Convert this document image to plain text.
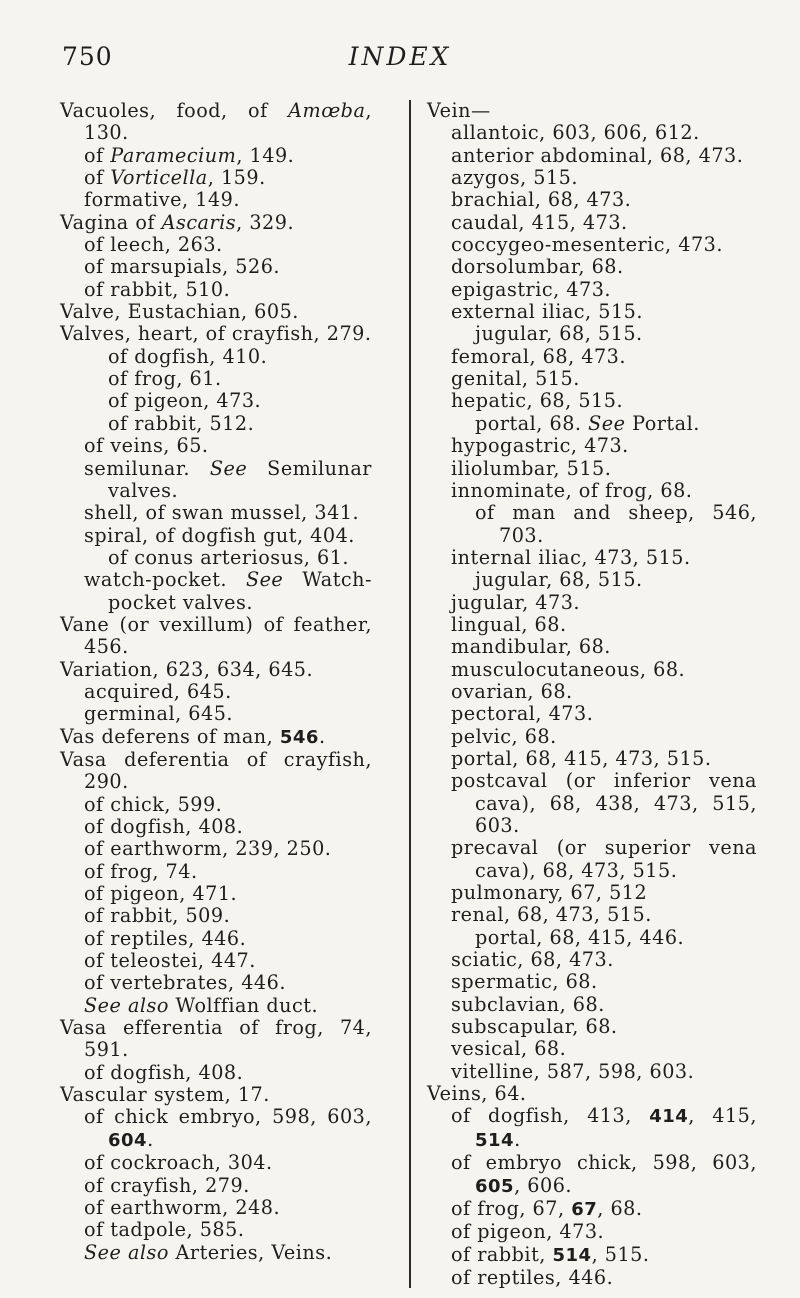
750	INDEX
Vacuoles, food, of Amœba, 130.
of Paramecium, 149.
of Vorticella, 159.
formative, 149.
Vagina of Ascaris, 329.
of leech, 263.
of marsupials, 526.
of rabbit, 510.
Valve, Eustachian, 605.
Valves, heart, of crayfish, 279.
of dogfish, 410.
of frog, 61.
of pigeon, 473.
of rabbit, 512.
of veins, 65.
semilunar. See Semilunar valves.
shell, of swan mussel, 341.
spiral, of dogfish gut, 404.
of conus arteriosus, 61.
watch-pocket. See Watch-pocket valves.
Vane (or vexillum) of feather, 456.
Variation, 623, 634, 645.
acquired, 645.
germinal, 645.
Vas deferens of man, 546.
Vasa deferentia of crayfish, 290.
of chick, 599.
of dogfish, 408.
of earthworm, 239, 250.
of frog, 74.
of pigeon, 471.
of rabbit, 509.
of reptiles, 446.
of teleostei, 447.
of vertebrates, 446.
See also Wolffian duct.
Vasa efferentia of frog, 74, 591.
of dogfish, 408.
Vascular system, 17.
of chick embryo, 598, 603, 604.
of cockroach, 304.
of crayfish, 279.
of earthworm, 248.
of tadpole, 585.
See also Arteries, Veins.
Vein—
allantoic, 603, 606, 612.
anterior abdominal, 68, 473.
azygos, 515.
brachial, 68, 473.
caudal, 415, 473.
coccygeo-mesenteric, 473.
dorsolumbar, 68.
epigastric, 473.
external iliac, 515.
jugular, 68, 515.
femoral, 68, 473.
genital, 515.
hepatic, 68, 515.
portal, 68. See Portal.
hypogastric, 473.
iliolumbar, 515.
innominate, of frog, 68.
of man and sheep, 546, 703.
internal iliac, 473, 515.
jugular, 68, 515.
jugular, 473.
lingual, 68.
mandibular, 68.
musculocutaneous, 68.
ovarian, 68.
pectoral, 473.
pelvic, 68.
portal, 68, 415, 473, 515.
postcaval (or inferior vena cava), 68, 438, 473, 515, 603.
precaval (or superior vena cava), 68, 473, 515.
pulmonary, 67, 512
renal, 68, 473, 515.
portal, 68, 415, 446.
sciatic, 68, 473.
spermatic, 68.
subclavian, 68.
subscapular, 68.
vesical, 68.
vitelline, 587, 598, 603.
Veins, 64.
of dogfish, 413, 414, 415, 514.
of embryo chick, 598, 603, 605, 606.
of frog, 67, 67, 68.
of pigeon, 473.
of rabbit, 514, 515.
of reptiles, 446.
